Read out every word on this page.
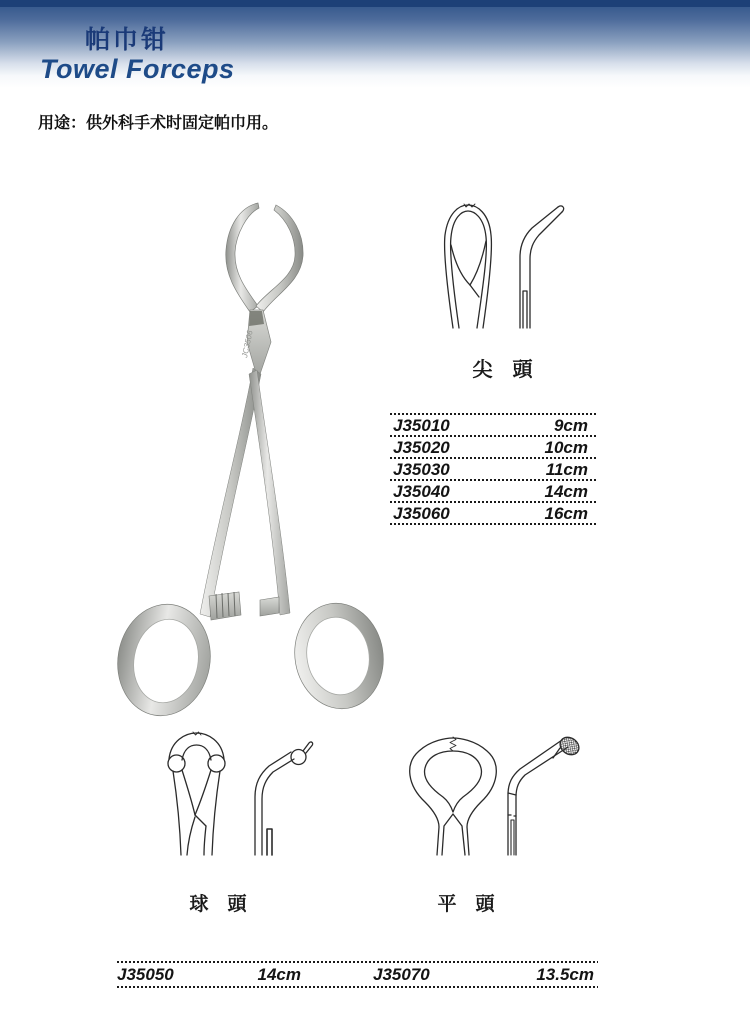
帕巾钳
Towel Forceps
用途：供外科手术时固定帕巾用。
JC3506
尖　頭
J35010	9cm
J35020	10cm
J35030	11cm
J35040	14cm
J35060	16cm
球　頭	平　頭
J35050	14cm	J35070	13.5cm
